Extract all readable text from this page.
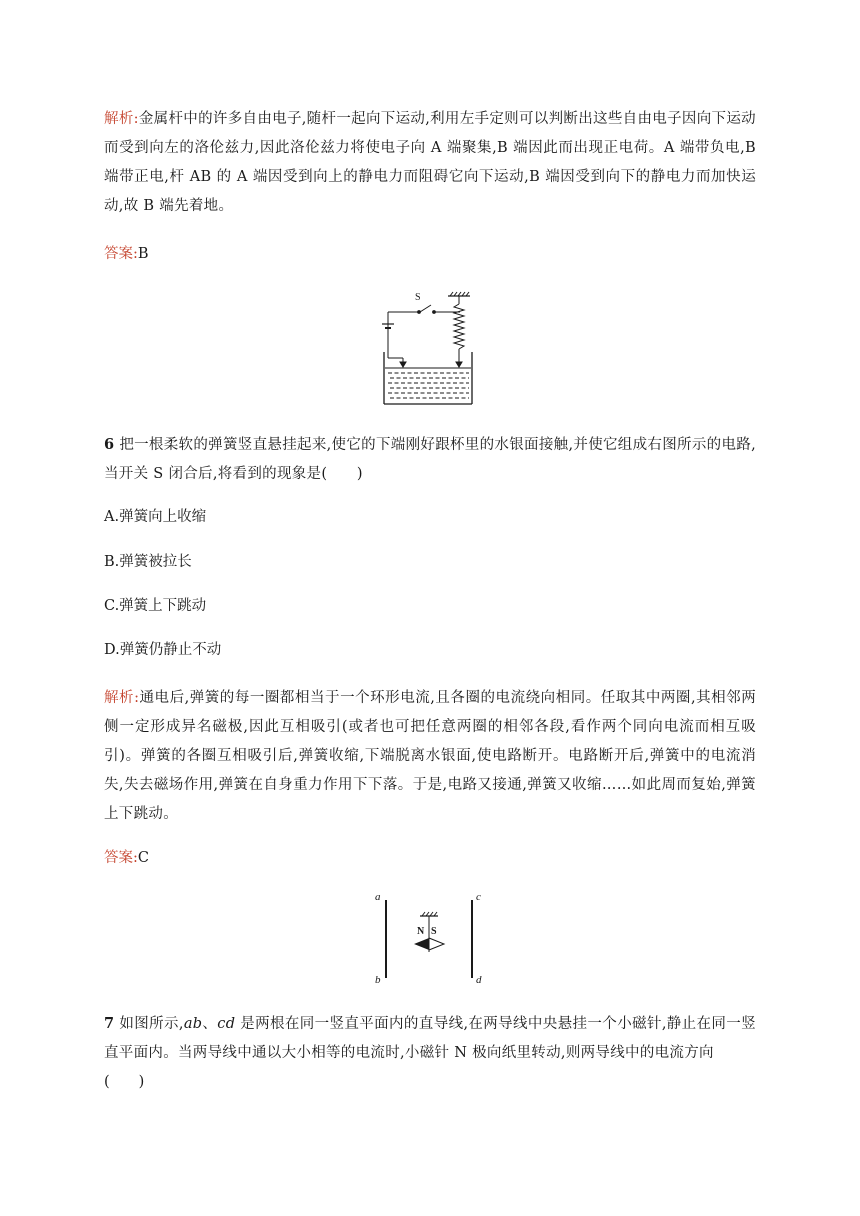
解析:金属杆中的许多自由电子,随杆一起向下运动,利用左手定则可以判断出这些自由电子因向下运动而受到向左的洛伦兹力,因此洛伦兹力将使电子向 A 端聚集,B 端因此而出现正电荷。A 端带负电,B 端带正电,杆 AB 的 A 端因受到向上的静电力而阻碍它向下运动,B 端因受到向下的静电力而加快运动,故 B 端先着地。
答案:B
S
6 把一根柔软的弹簧竖直悬挂起来,使它的下端刚好跟杯里的水银面接触,并使它组成右图所示的电路,当开关 S 闭合后,将看到的现象是(　　)
A.弹簧向上收缩
B.弹簧被拉长
C.弹簧上下跳动
D.弹簧仍静止不动
解析:通电后,弹簧的每一圈都相当于一个环形电流,且各圈的电流绕向相同。任取其中两圈,其相邻两侧一定形成异名磁极,因此互相吸引(或者也可把任意两圈的相邻各段,看作两个同向电流而相互吸引)。弹簧的各圈互相吸引后,弹簧收缩,下端脱离水银面,使电路断开。电路断开后,弹簧中的电流消失,失去磁场作用,弹簧在自身重力作用下下落。于是,电路又接通,弹簧又收缩……如此周而复始,弹簧上下跳动。
答案:C
a
b
c
d
N S
7 如图所示,ab、cd 是两根在同一竖直平面内的直导线,在两导线中央悬挂一个小磁针,静止在同一竖直平面内。当两导线中通以大小相等的电流时,小磁针 N 极向纸里转动,则两导线中的电流方向
(　　)
